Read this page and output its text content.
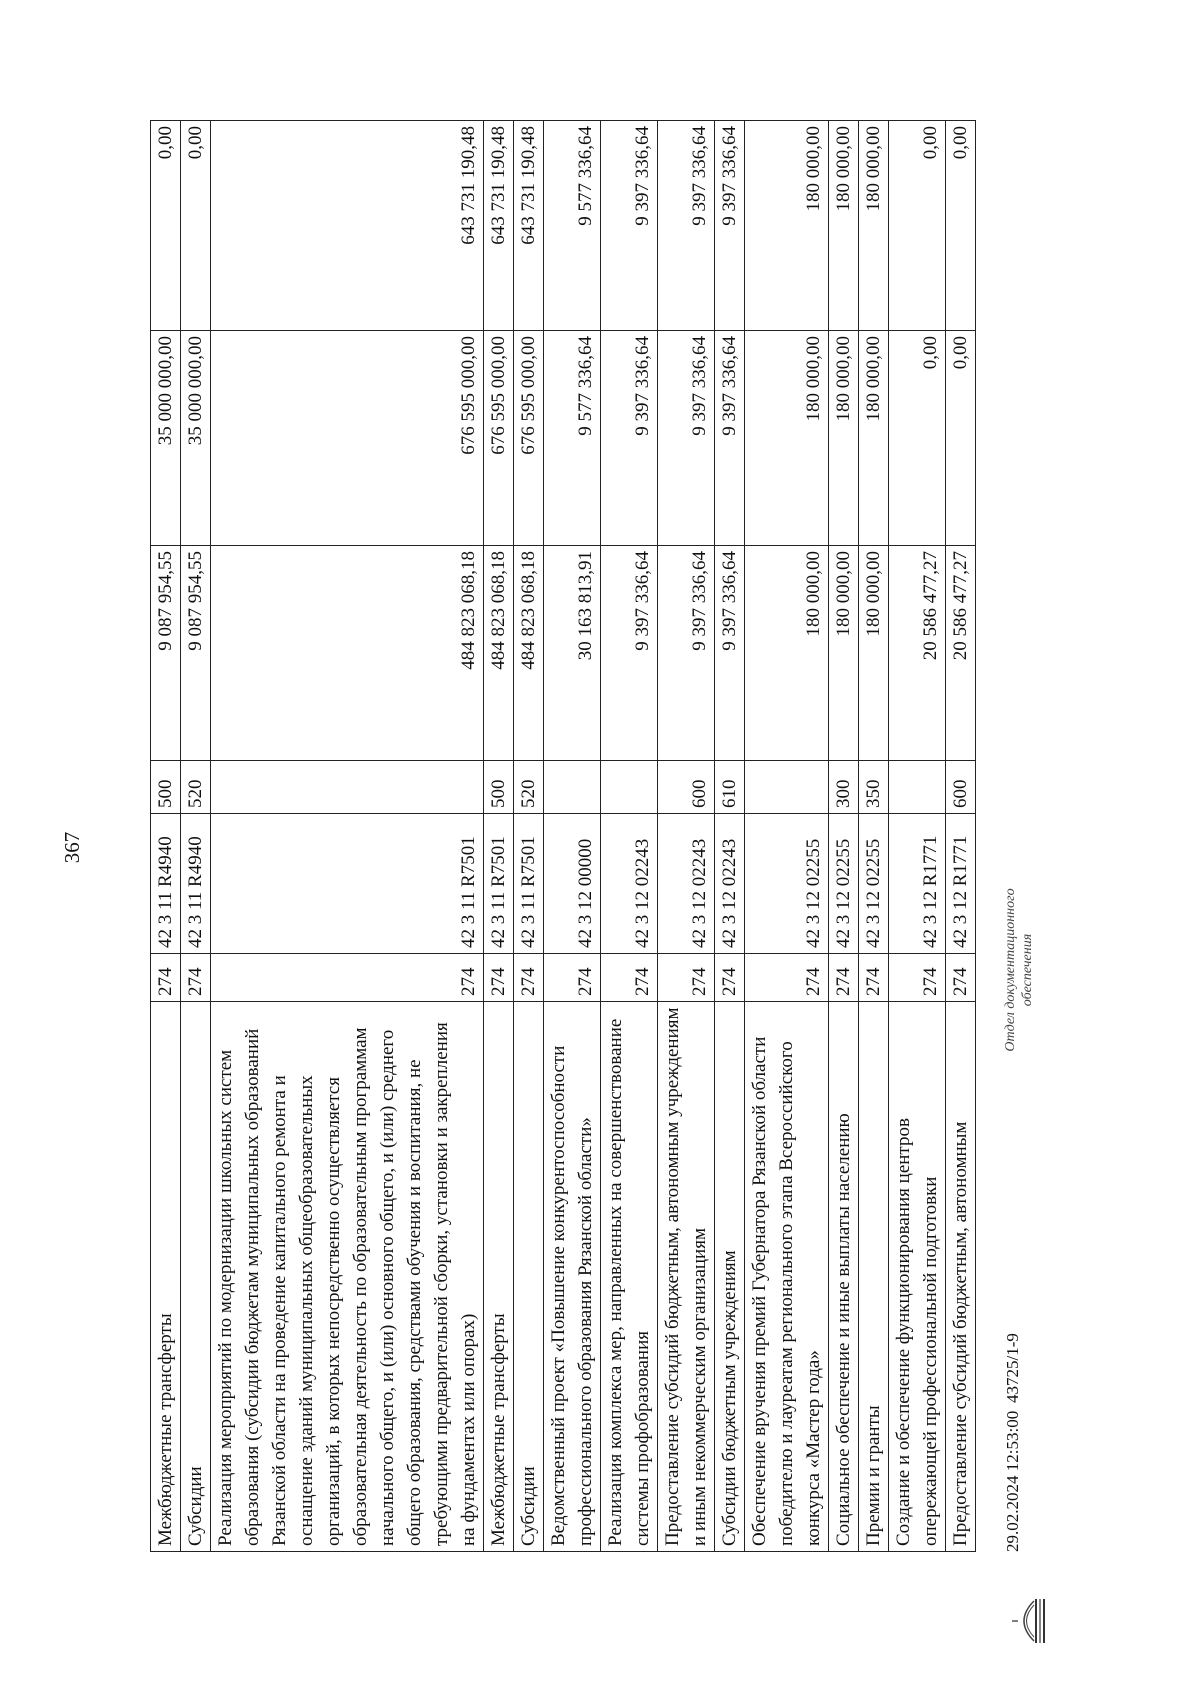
367
Межбюджетные трансферты	274	42 3 11 R4940	500	9 087 954,55	35 000 000,00	0,00
Субсидии	274	42 3 11 R4940	520	9 087 954,55	35 000 000,00	0,00
Реализация мероприятий по модернизации школьных систем образования (субсидии бюджетам муниципальных образований Рязанской области на проведение капитального ремонта и оснащение зданий муниципальных общеобразовательных организаций, в которых непосредственно осуществляется образовательная деятельность по образовательным программам начального общего, и (или) основного общего, и (или) среднего общего образования, средствами обучения и воспитания, не требующими предварительной сборки, установки и закрепления на фундаментах или опорах)	274	42 3 11 R7501		484 823 068,18	676 595 000,00	643 731 190,48
Межбюджетные трансферты	274	42 3 11 R7501	500	484 823 068,18	676 595 000,00	643 731 190,48
Субсидии	274	42 3 11 R7501	520	484 823 068,18	676 595 000,00	643 731 190,48
Ведомственный проект «Повышение конкурентоспособности профессионального образования Рязанской области»	274	42 3 12 00000		30 163 813,91	9 577 336,64	9 577 336,64
Реализация комплекса мер, направленных на совершенствование системы профобразования	274	42 3 12 02243		9 397 336,64	9 397 336,64	9 397 336,64
Предоставление субсидий бюджетным, автономным учреждениям и иным некоммерческим организациям	274	42 3 12 02243	600	9 397 336,64	9 397 336,64	9 397 336,64
Субсидии бюджетным учреждениям	274	42 3 12 02243	610	9 397 336,64	9 397 336,64	9 397 336,64
Обеспечение вручения премий Губернатора Рязанской области победителю и лауреатам регионального этапа Всероссийского конкурса «Мастер года»	274	42 3 12 02255		180 000,00	180 000,00	180 000,00
Социальное обеспечение и иные выплаты населению	274	42 3 12 02255	300	180 000,00	180 000,00	180 000,00
Премии и гранты	274	42 3 12 02255	350	180 000,00	180 000,00	180 000,00
Создание и обеспечение функционирования центров опережающей профессиональной подготовки	274	42 3 12 R1771		20 586 477,27	0,00	0,00
Предоставление субсидий бюджетным, автономным	274	42 3 12 R1771	600	20 586 477,27	0,00	0,00
29.02.2024 12:53:00
43725/1-9
Отдел документационного обеспечения
